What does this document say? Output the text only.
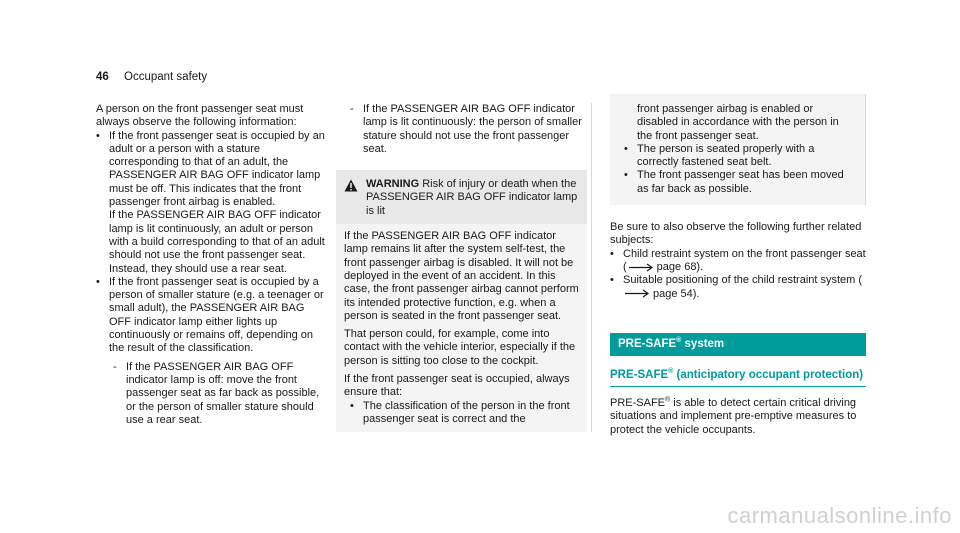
46 Occupant safety

A person on the front passenger seat must always observe the following information:

• If the front passenger seat is occupied by an adult or a person with a stature corresponding to that of an adult, the PASSENGER AIR BAG OFF indicator lamp must be off. This indicates that the front passenger front airbag is enabled.

If the PASSENGER AIR BAG OFF indicator lamp is lit continuously, an adult or person with a build corresponding to that of an adult should not use the front passenger seat.

Instead, they should use a rear seat.

• If the front passenger seat is occupied by a person of smaller stature (e.g. a teenager or small adult), the PASSENGER AIR BAG OFF indicator lamp either lights up continuously or remains off, depending on the result of the classification.

- If the PASSENGER AIR BAG OFF indicator lamp is off: move the front passenger seat as far back as possible, or the person of smaller stature should use a rear seat.

- If the PASSENGER AIR BAG OFF indicator lamp is lit continuously: the person of smaller stature should not use the front passenger seat.

WARNING Risk of injury or death when the PASSENGER AIR BAG OFF indicator lamp is lit

If the PASSENGER AIR BAG OFF indicator lamp remains lit after the system self-test, the front passenger airbag is disabled. It will not be deployed in the event of an accident. In this case, the front passenger airbag cannot perform its intended protective function, e.g. when a person is seated in the front passenger seat.

That person could, for example, come into contact with the vehicle interior, especially if the person is sitting too close to the cockpit.

If the front passenger seat is occupied, always ensure that:

• The classification of the person in the front passenger seat is correct and the

front passenger airbag is enabled or disabled in accordance with the person in the front passenger seat.

• The person is seated properly with a correctly fastened seat belt.

• The front passenger seat has been moved as far back as possible.

Be sure to also observe the following further related subjects:

• Child restraint system on the front passenger seat (	page 68).
• Suitable positioning of the child restraint system (page 54).
PRE-SAFE® system
PRE-SAFE® (anticipatory occupant protection)

PRE-SAFE® is able to detect certain critical driving situations and implement pre-emptive measures to protect the vehicle occupants.

carmanualsonline.info
